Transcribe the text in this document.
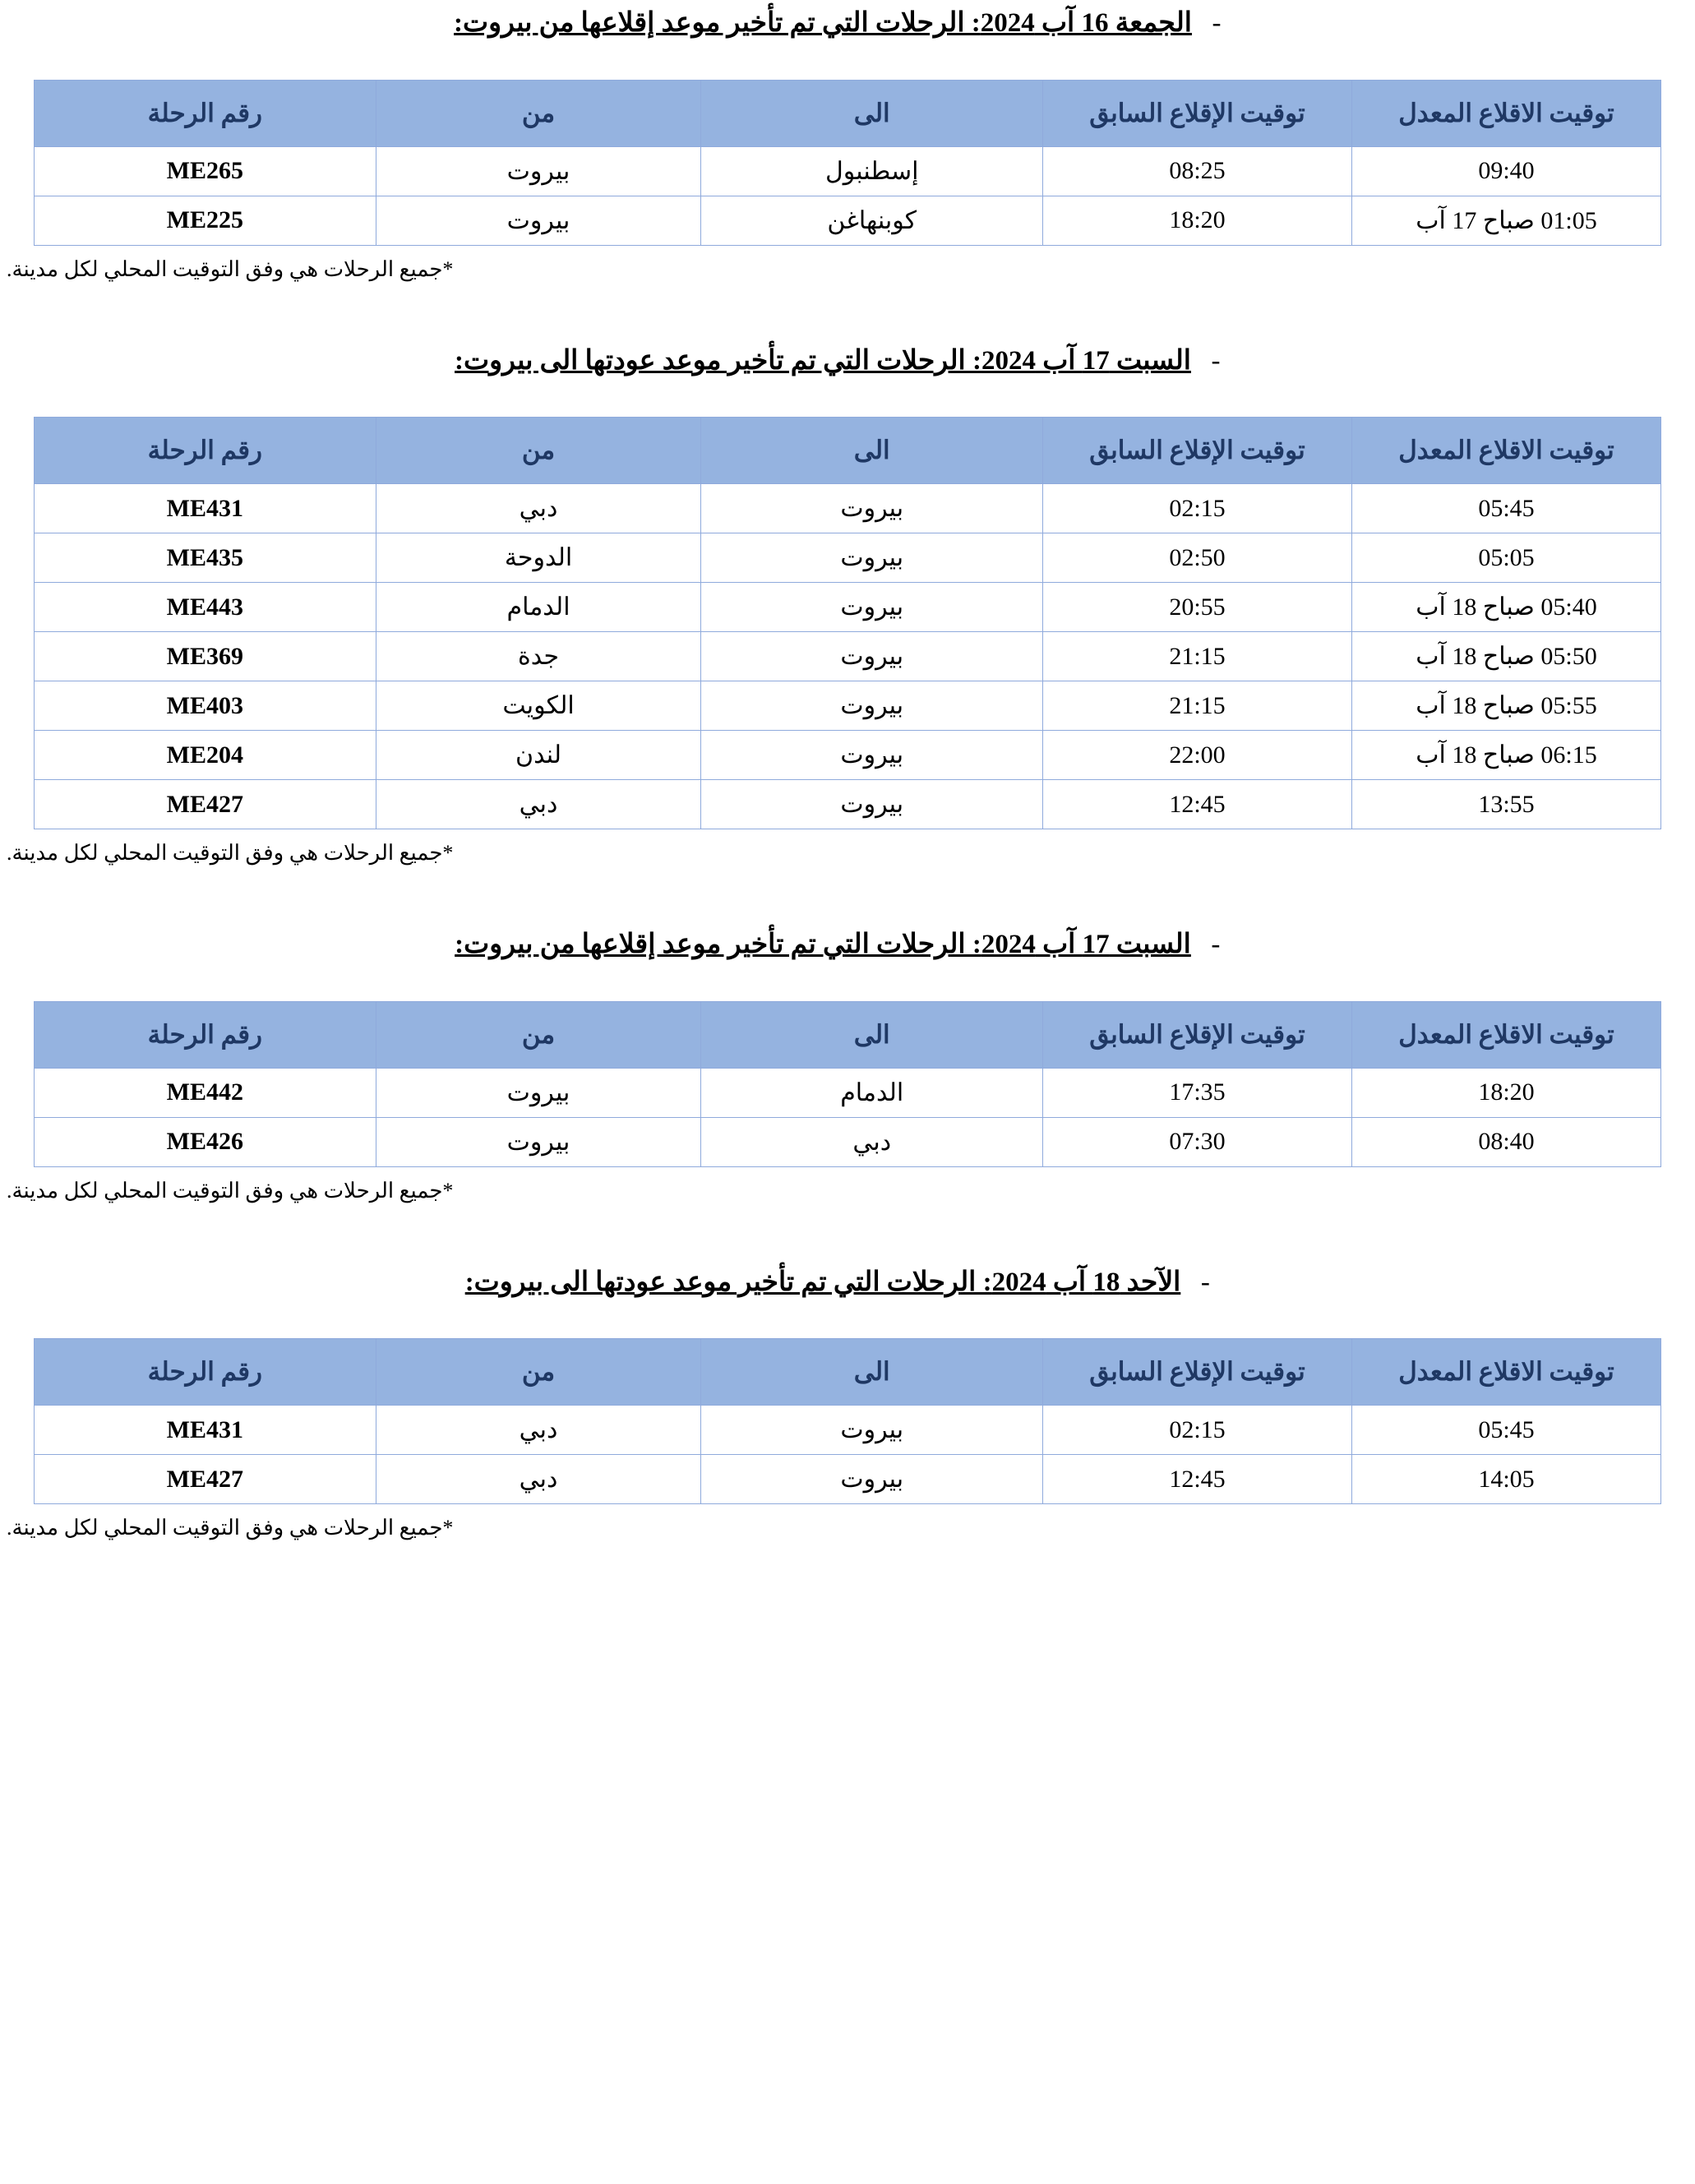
-
الجمعة 16 آب 2024: الرحلات التي تم تأخير موعد إقلاعها من بيروت:
توقيت الاقلاع المعدل	توقيت الإقلاع السابق	الى	من	رقم الرحلة
09:40	08:25	إسطنبول	بيروت	ME265
01:05 صباح 17 آب	18:20	كوبنهاغن	بيروت	ME225
*جميع الرحلات هي وفق التوقيت المحلي لكل مدينة.
-
السبت 17 آب 2024: الرحلات التي تم تأخير موعد عودتها الى بيروت:
توقيت الاقلاع المعدل	توقيت الإقلاع السابق	الى	من	رقم الرحلة
05:45	02:15	بيروت	دبي	ME431
05:05	02:50	بيروت	الدوحة	ME435
05:40 صباح 18 آب	20:55	بيروت	الدمام	ME443
05:50 صباح 18 آب	21:15	بيروت	جدة	ME369
05:55 صباح 18 آب	21:15	بيروت	الكويت	ME403
06:15 صباح 18 آب	22:00	بيروت	لندن	ME204
13:55	12:45	بيروت	دبي	ME427
*جميع الرحلات هي وفق التوقيت المحلي لكل مدينة.
-
السبت 17 آب 2024: الرحلات التي تم تأخير موعد إقلاعها من بيروت:
توقيت الاقلاع المعدل	توقيت الإقلاع السابق	الى	من	رقم الرحلة
18:20	17:35	الدمام	بيروت	ME442
08:40	07:30	دبي	بيروت	ME426
*جميع الرحلات هي وفق التوقيت المحلي لكل مدينة.
-
الآحد 18 آب 2024: الرحلات التي تم تأخير موعد عودتها الى بيروت:
توقيت الاقلاع المعدل	توقيت الإقلاع السابق	الى	من	رقم الرحلة
05:45	02:15	بيروت	دبي	ME431
14:05	12:45	بيروت	دبي	ME427
*جميع الرحلات هي وفق التوقيت المحلي لكل مدينة.
